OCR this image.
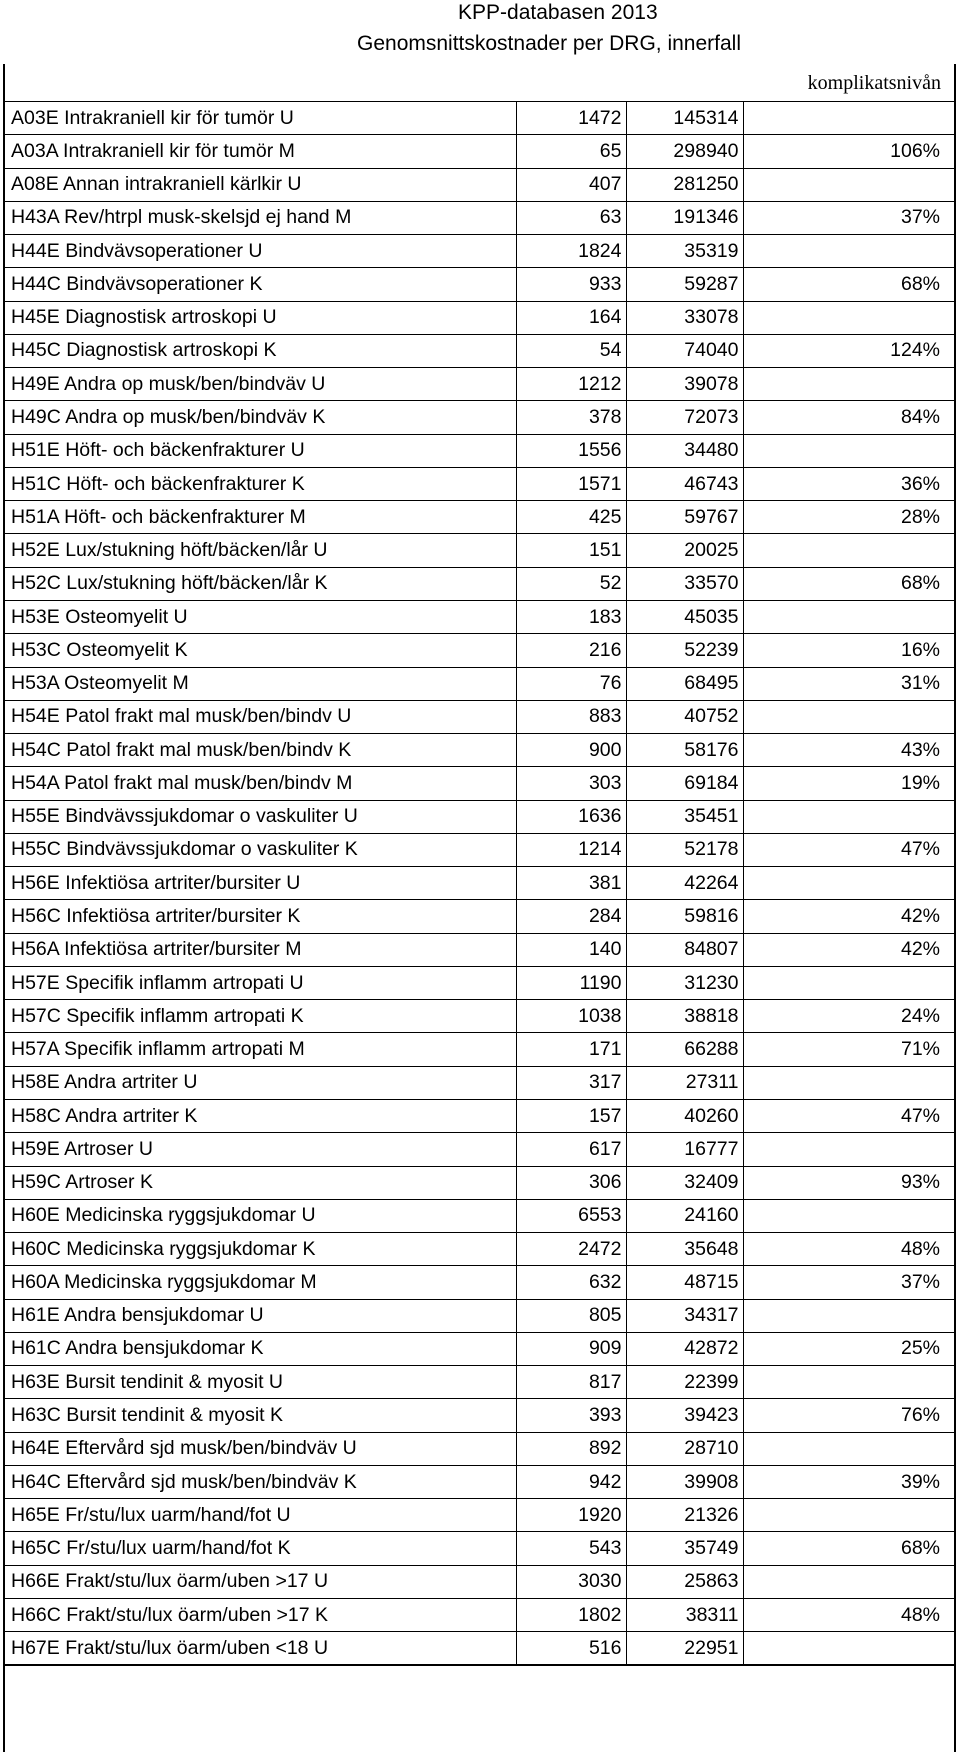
KPP-databasen 2013
Genomsnittskostnader per DRG, innerfall
komplikatsnivån
A03E Intrakraniell kir för tumör U	1472	145314	
A03A Intrakraniell kir för tumör M	65	298940	106%
A08E Annan intrakraniell kärlkir U	407	281250	
H43A Rev/htrpl musk-skelsjd ej hand M	63	191346	37%
H44E Bindvävsoperationer U	1824	35319	
H44C Bindvävsoperationer K	933	59287	68%
H45E Diagnostisk artroskopi U	164	33078	
H45C Diagnostisk artroskopi K	54	74040	124%
H49E Andra op musk/ben/bindväv U	1212	39078	
H49C Andra op musk/ben/bindväv K	378	72073	84%
H51E Höft- och bäckenfrakturer U	1556	34480	
H51C Höft- och bäckenfrakturer K	1571	46743	36%
H51A Höft- och bäckenfrakturer M	425	59767	28%
H52E Lux/stukning höft/bäcken/lår U	151	20025	
H52C Lux/stukning höft/bäcken/lår K	52	33570	68%
H53E Osteomyelit U	183	45035	
H53C Osteomyelit K	216	52239	16%
H53A Osteomyelit M	76	68495	31%
H54E Patol frakt mal musk/ben/bindv U	883	40752	
H54C Patol frakt mal musk/ben/bindv K	900	58176	43%
H54A Patol frakt mal musk/ben/bindv M	303	69184	19%
H55E Bindvävssjukdomar o vaskuliter U	1636	35451	
H55C Bindvävssjukdomar o vaskuliter K	1214	52178	47%
H56E Infektiösa artriter/bursiter U	381	42264	
H56C Infektiösa artriter/bursiter K	284	59816	42%
H56A Infektiösa artriter/bursiter M	140	84807	42%
H57E Specifik inflamm artropati U	1190	31230	
H57C Specifik inflamm artropati K	1038	38818	24%
H57A Specifik inflamm artropati M	171	66288	71%
H58E Andra artriter U	317	27311	
H58C Andra artriter K	157	40260	47%
H59E Artroser U	617	16777	
H59C Artroser K	306	32409	93%
H60E Medicinska ryggsjukdomar U	6553	24160	
H60C Medicinska ryggsjukdomar K	2472	35648	48%
H60A Medicinska ryggsjukdomar M	632	48715	37%
H61E Andra bensjukdomar U	805	34317	
H61C Andra bensjukdomar K	909	42872	25%
H63E Bursit tendinit & myosit U	817	22399	
H63C Bursit tendinit & myosit K	393	39423	76%
H64E Eftervård sjd musk/ben/bindväv U	892	28710	
H64C Eftervård sjd musk/ben/bindväv K	942	39908	39%
H65E Fr/stu/lux uarm/hand/fot U	1920	21326	
H65C Fr/stu/lux uarm/hand/fot K	543	35749	68%
H66E Frakt/stu/lux öarm/uben >17 U	3030	25863	
H66C Frakt/stu/lux öarm/uben >17 K	1802	38311	48%
H67E Frakt/stu/lux öarm/uben <18 U	516	22951	
